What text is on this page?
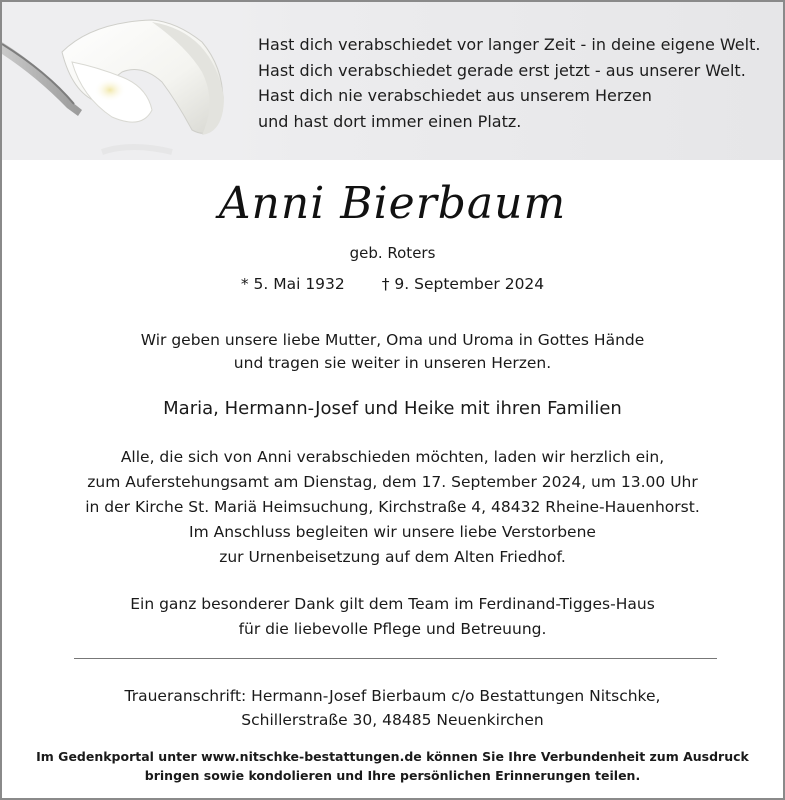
Hast dich verabschiedet vor langer Zeit - in deine eigene Welt.
Hast dich verabschiedet gerade erst jetzt - aus unserer Welt.
Hast dich nie verabschiedet aus unserem Herzen
und hast dort immer einen Platz.
Anni Bierbaum
geb. Roters
* 5. Mai 1932 † 9. September 2024
Wir geben unsere liebe Mutter, Oma und Uroma in Gottes Hände
und tragen sie weiter in unseren Herzen.
Maria, Hermann-Josef und Heike mit ihren Familien
Alle, die sich von Anni verabschieden möchten, laden wir herzlich ein,
zum Auferstehungsamt am Dienstag, dem 17. September 2024, um 13.00 Uhr
in der Kirche St. Mariä Heimsuchung, Kirchstraße 4, 48432 Rheine-Hauenhorst.
Im Anschluss begleiten wir unsere liebe Verstorbene
zur Urnenbeisetzung auf dem Alten Friedhof.
Ein ganz besonderer Dank gilt dem Team im Ferdinand-Tigges-Haus
für die liebevolle Pflege und Betreuung.
Traueranschrift: Hermann-Josef Bierbaum c/o Bestattungen Nitschke,
Schillerstraße 30, 48485 Neuenkirchen
Im Gedenkportal unter www.nitschke-bestattungen.de können Sie Ihre Verbundenheit zum Ausdruck
bringen sowie kondolieren und Ihre persönlichen Erinnerungen teilen.
